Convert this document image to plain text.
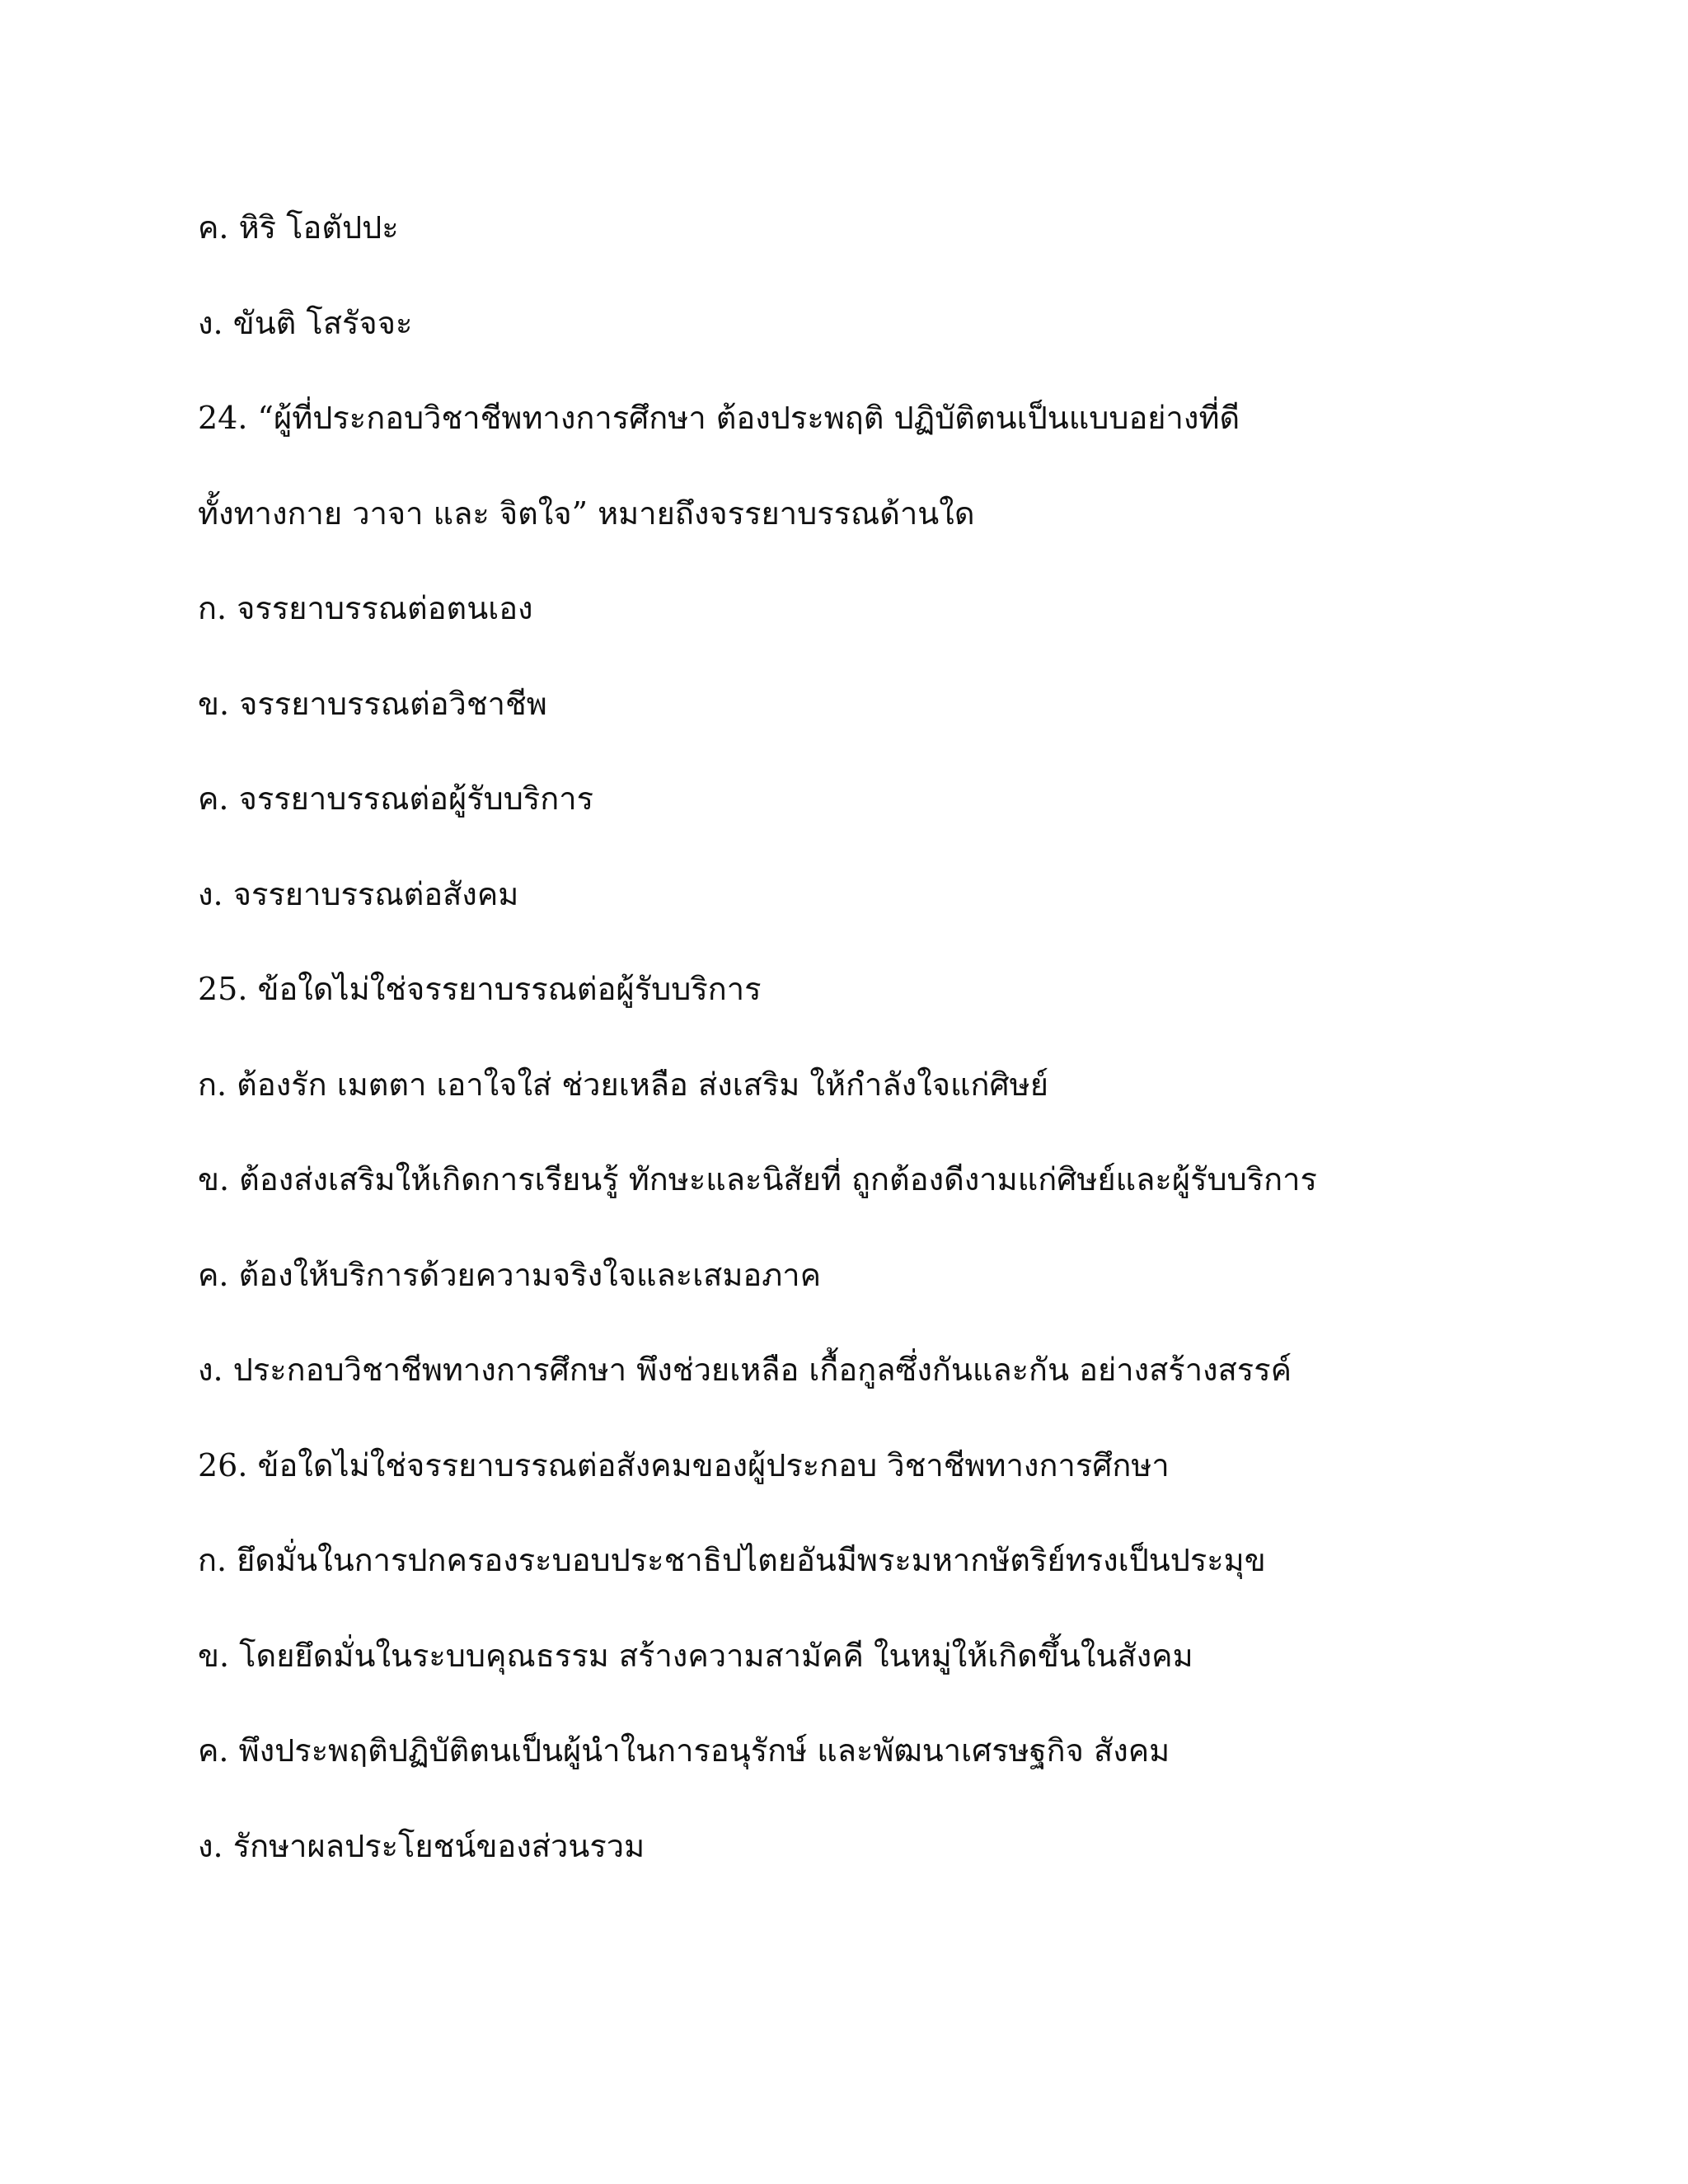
ค. หิริ โอตัปปะ
ง. ขันติ โสรัจจะ
24. “ผู้ที่ประกอบวิชาชีพทางการศึกษา ต้องประพฤติ ปฏิบัติตนเป็นแบบอย่างที่ดี
ทั้งทางกาย วาจา และ จิตใจ” หมายถึงจรรยาบรรณด้านใด
ก. จรรยาบรรณต่อตนเอง
ข. จรรยาบรรณต่อวิชาชีพ
ค. จรรยาบรรณต่อผู้รับบริการ
ง. จรรยาบรรณต่อสังคม
25. ข้อใดไม่ใช่จรรยาบรรณต่อผู้รับบริการ
ก. ต้องรัก เมตตา เอาใจใส่ ช่วยเหลือ ส่งเสริม ให้กำลังใจแก่ศิษย์
ข. ต้องส่งเสริมให้เกิดการเรียนรู้ ทักษะและนิสัยที่ ถูกต้องดีงามแก่ศิษย์และผู้รับบริการ
ค. ต้องให้บริการด้วยความจริงใจและเสมอภาค
ง. ประกอบวิชาชีพทางการศึกษา พึงช่วยเหลือ เกื้อกูลซึ่งกันและกัน อย่างสร้างสรรค์
26. ข้อใดไม่ใช่จรรยาบรรณต่อสังคมของผู้ประกอบ วิชาชีพทางการศึกษา
ก. ยึดมั่นในการปกครองระบอบประชาธิปไตยอันมีพระมหากษัตริย์ทรงเป็นประมุข
ข. โดยยึดมั่นในระบบคุณธรรม สร้างความสามัคคี ในหมู่ให้เกิดขึ้นในสังคม
ค. พึงประพฤติปฏิบัติตนเป็นผู้นำในการอนุรักษ์ และพัฒนาเศรษฐกิจ สังคม
ง. รักษาผลประโยชน์ของส่วนรวม
